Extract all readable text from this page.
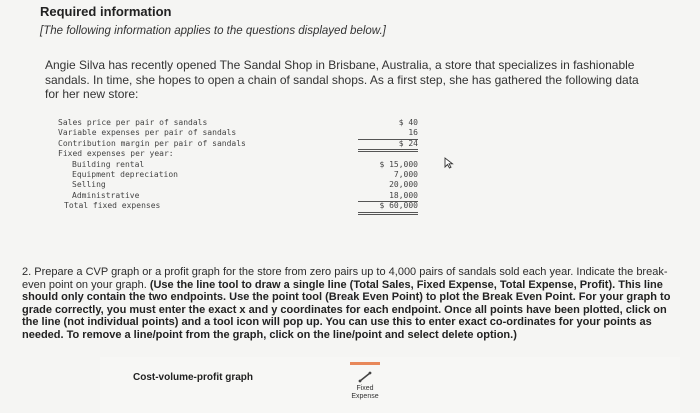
Required information

[The following information applies to the questions displayed below.]

Angie Silva has recently opened The Sandal Shop in Brisbane, Australia, a store that specializes in fashionable sandals. In time, she hopes to open a chain of sandal shops. As a first step, she has gathered the following data for her new store:
Sales price per pair of sandals	$ 40
Variable expenses per pair of sandals	16
Contribution margin per pair of sandals	$ 24
Fixed expenses per year:
Building rental	$ 15,000
Equipment depreciation	7,000
Selling	20,000
Administrative	18,000
Total fixed expenses	$ 60,000
2. Prepare a CVP graph or a profit graph for the store from zero pairs up to 4,000 pairs of sandals sold each year. Indicate the break-even point on your graph. (Use the line tool to draw a single line (Total Sales, Fixed Expense, Total Expense, Profit). This line should only contain the two endpoints. Use the point tool (Break Even Point) to plot the Break Even Point. For your graph to grade correctly, you must enter the exact x and y coordinates for each endpoint. Once all points have been plotted, click on the line (not individual points) and a tool icon will pop up. You can use this to enter exact co-ordinates for your points as needed. To remove a line/point from the graph, click on the line/point and select delete option.)
Cost-volume-profit graph
Fixed
Expense
